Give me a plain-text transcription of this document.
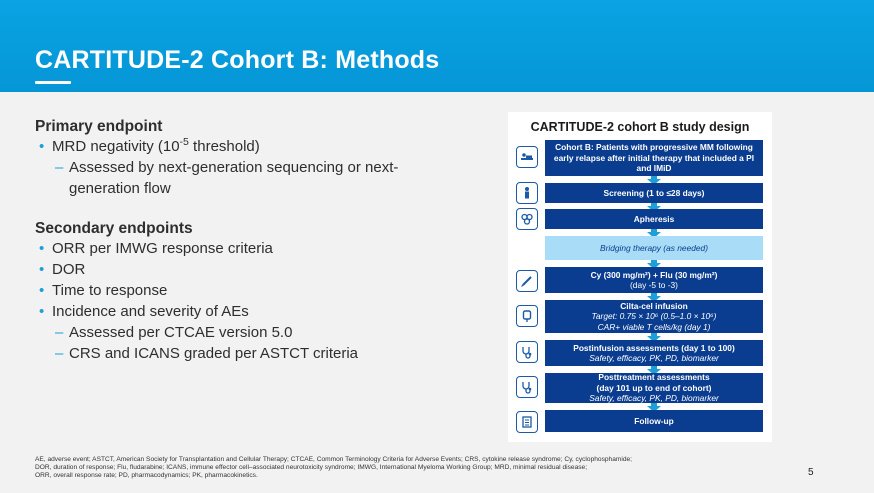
CARTITUDE-2 Cohort B: Methods

Primary endpoint

• MRD negativity ($10^{-5}$ threshold)
– Assessed by next-generation sequencing or next-generation flow

Secondary endpoints

• ORR per IMWG response criteria
• DOR
• Time to response
• Incidence and severity of AEs
– Assessed per CTCAE version 5.0
– CRS and ICANS graded per ASTCT criteria
CARTITUDE-2 cohort B study design
Cohort B: Patients with progressive MM following early relapse after initial therapy that included a PI and IMiD
Screening (1 to ≤28 days)
Apheresis
Bridging therapy (as needed)
Cy (300 mg/m²) + Flu (30 mg/m²)
(day -5 to -3)
Cilta-cel infusion
Target: 0.75 × 10⁶ (0.5–1.0 × 10⁶)
CAR+ viable T cells/kg (day 1)
Postinfusion assessments (day 1 to 100)
Safety, efficacy, PK, PD, biomarker
Posttreatment assessments
(day 101 up to end of cohort)
Safety, efficacy, PK, PD, biomarker
Follow-up
AE, adverse event; ASTCT, American Society for Transplantation and Cellular Therapy; CTCAE, Common Terminology Criteria for Adverse Events; CRS, cytokine release syndrome; Cy, cyclophosphamide;
DOR, duration of response; Flu, fludarabine; ICANS, immune effector cell–associated neurotoxicity syndrome; IMWG, International Myeloma Working Group; MRD, minimal residual disease;
ORR, overall response rate; PD, pharmacodynamics; PK, pharmacokinetics.	5
